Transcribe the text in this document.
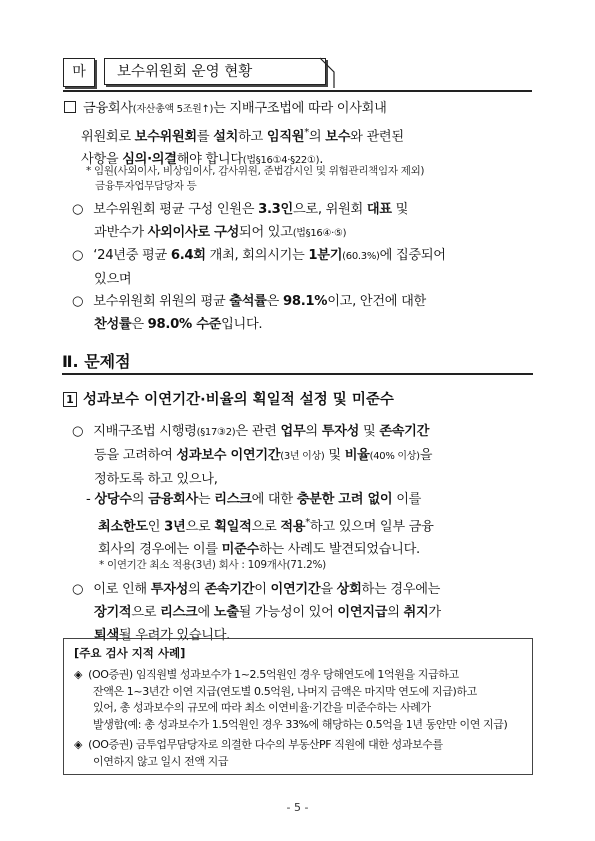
마	보수위원회 운영 현황
금융회사(자산총액 5조원↑)는 지배구조법에 따라 이사회내
위원회로 보수위원회를 설치하고 임직원*의 보수와 관련된
사항을 심의·의결해야 합니다(법§16①4·§22①).
* 임원(사외이사, 비상임이사, 감사위원, 준법감시인 및 위험관리책임자 제외)
금융투자업무담당자 등
○ 보수위원회 평균 구성 인원은 3.3인으로, 위원회 대표 및
과반수가 사외이사로 구성되어 있고(법§16④·⑤)
○ ‘24년중 평균 6.4회 개최, 회의시기는 1분기(60.3%)에 집중되어
있으며
○ 보수위원회 위원의 평균 출석률은 98.1%이고, 안건에 대한
찬성률은 98.0% 수준입니다.
Ⅱ. 문제점
1 성과보수 이연기간·비율의 획일적 설정 및 미준수
○ 지배구조법 시행령(§17③2)은 관련 업무의 투자성 및 존속기간
등을 고려하여 성과보수 이연기간(3년 이상) 및 비율(40% 이상)을
정하도록 하고 있으나,
- 상당수의 금융회사는 리스크에 대한 충분한 고려 없이 이를
최소한도인 3년으로 획일적으로 적용*하고 있으며 일부 금융
회사의 경우에는 이를 미준수하는 사례도 발견되었습니다.
* 이연기간 최소 적용(3년) 회사 : 109개사(71.2%)
○ 이로 인해 투자성의 존속기간이 이연기간을 상회하는 경우에는
장기적으로 리스크에 노출될 가능성이 있어 이연지급의 취지가
퇴색될 우려가 있습니다.
[주요 검사 지적 사례]
◈ (OO증권) 임직원별 성과보수가 1~2.5억원인 경우 당해연도에 1억원을 지급하고
잔액은 1~3년간 이연 지급(연도별 0.5억원, 나머지 금액은 마지막 연도에 지급)하고
있어, 총 성과보수의 규모에 따라 최소 이연비율·기간을 미준수하는 사례가
발생함(예: 총 성과보수가 1.5억원인 경우 33%에 해당하는 0.5억을 1년 동안만 이연 지급)
◈ (OO증권) 금투업무담당자로 의결한 다수의 부동산PF 직원에 대한 성과보수를
이연하지 않고 일시 전액 지급
- 5 -
